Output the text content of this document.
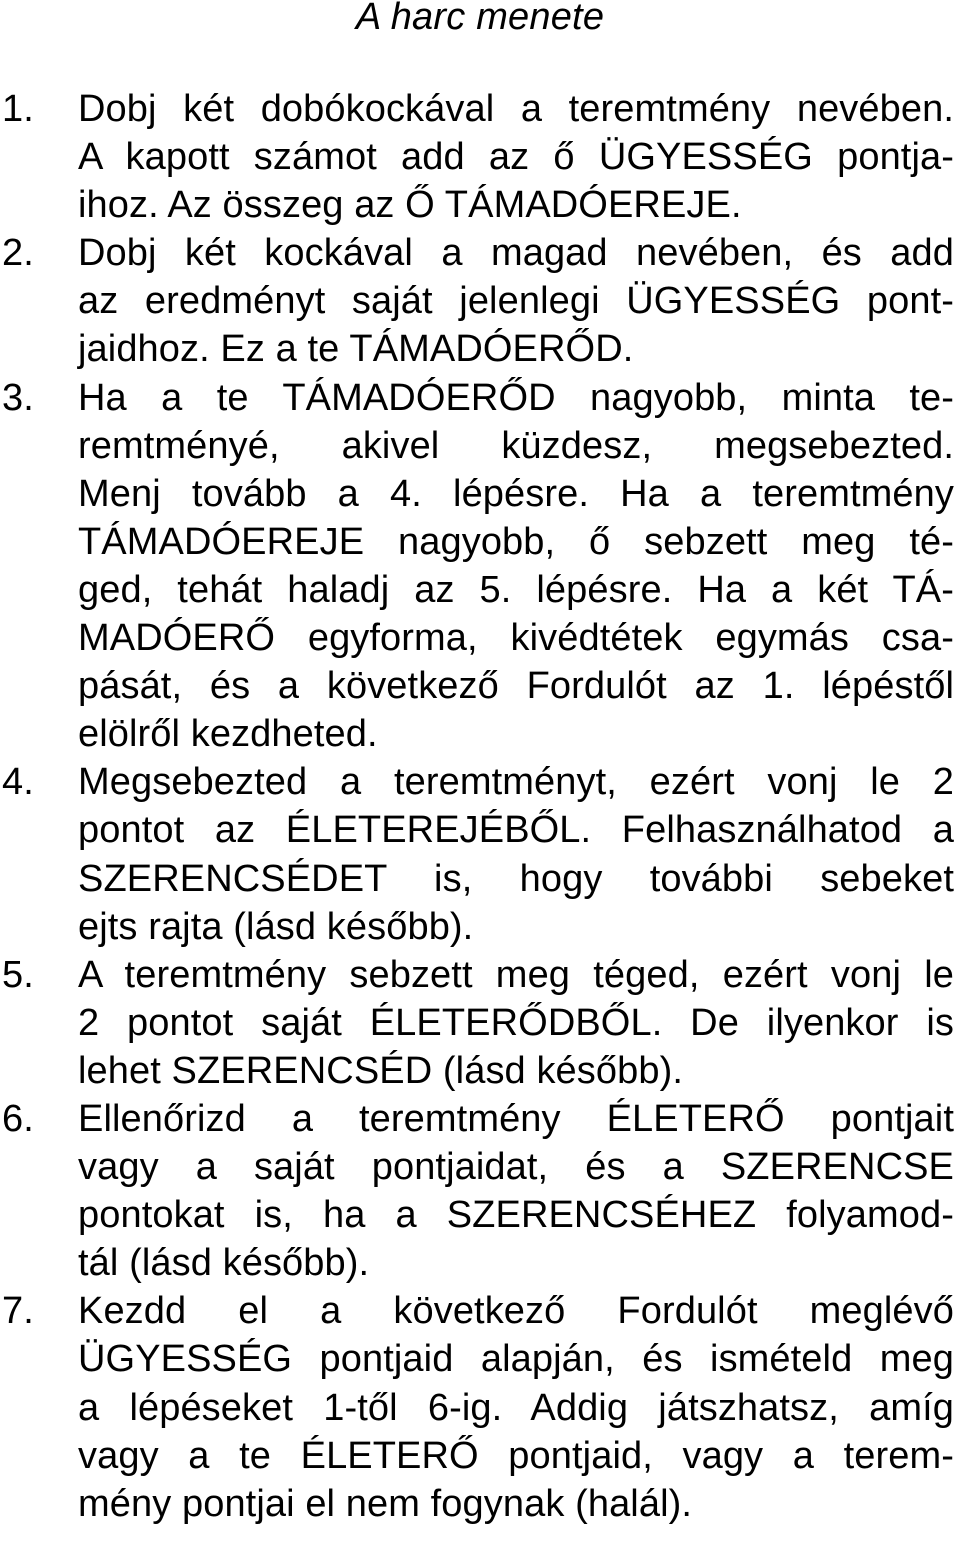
A harc menete
1.	Dobj két dobókockával a teremtmény nevében.
A kapott számot add az ő ÜGYESSÉG pontja-
ihoz. Az összeg az Ő TÁMADÓEREJE.
2.	Dobj két kockával a magad nevében, és add
az eredményt saját jelenlegi ÜGYESSÉG pont-
jaidhoz. Ez a te TÁMADÓERŐD.
3.	Ha a te TÁMADÓERŐD nagyobb, minta te-
remtményé, akivel küzdesz, megsebezted.
Menj tovább a 4. lépésre. Ha a teremtmény
TÁMADÓEREJE nagyobb, ő sebzett meg té-
ged, tehát haladj az 5. lépésre. Ha a két TÁ-
MADÓERŐ egyforma, kivédtétek egymás csa-
pását, és a következő Fordulót az 1. lépéstől
elölről kezdheted.
4.	Megsebezted a teremtményt, ezért vonj le 2
pontot az ÉLETEREJÉBŐL. Felhasználhatod a
SZERENCSÉDET is, hogy további sebeket
ejts rajta (lásd később).
5.	A teremtmény sebzett meg téged, ezért vonj le
2 pontot saját ÉLETERŐDBŐL. De ilyenkor is
lehet SZERENCSÉD (lásd később).
6.	Ellenőrizd a teremtmény ÉLETERŐ pontjait
vagy a saját pontjaidat, és a SZERENCSE
pontokat is, ha a SZERENCSÉHEZ folyamod-
tál (lásd később).
7.	Kezdd el a következő Fordulót meglévő
ÜGYESSÉG pontjaid alapján, és ismételd meg
a lépéseket 1-től 6-ig. Addig játszhatsz, amíg
vagy a te ÉLETERŐ pontjaid, vagy a terem-
mény pontjai el nem fogynak (halál).
